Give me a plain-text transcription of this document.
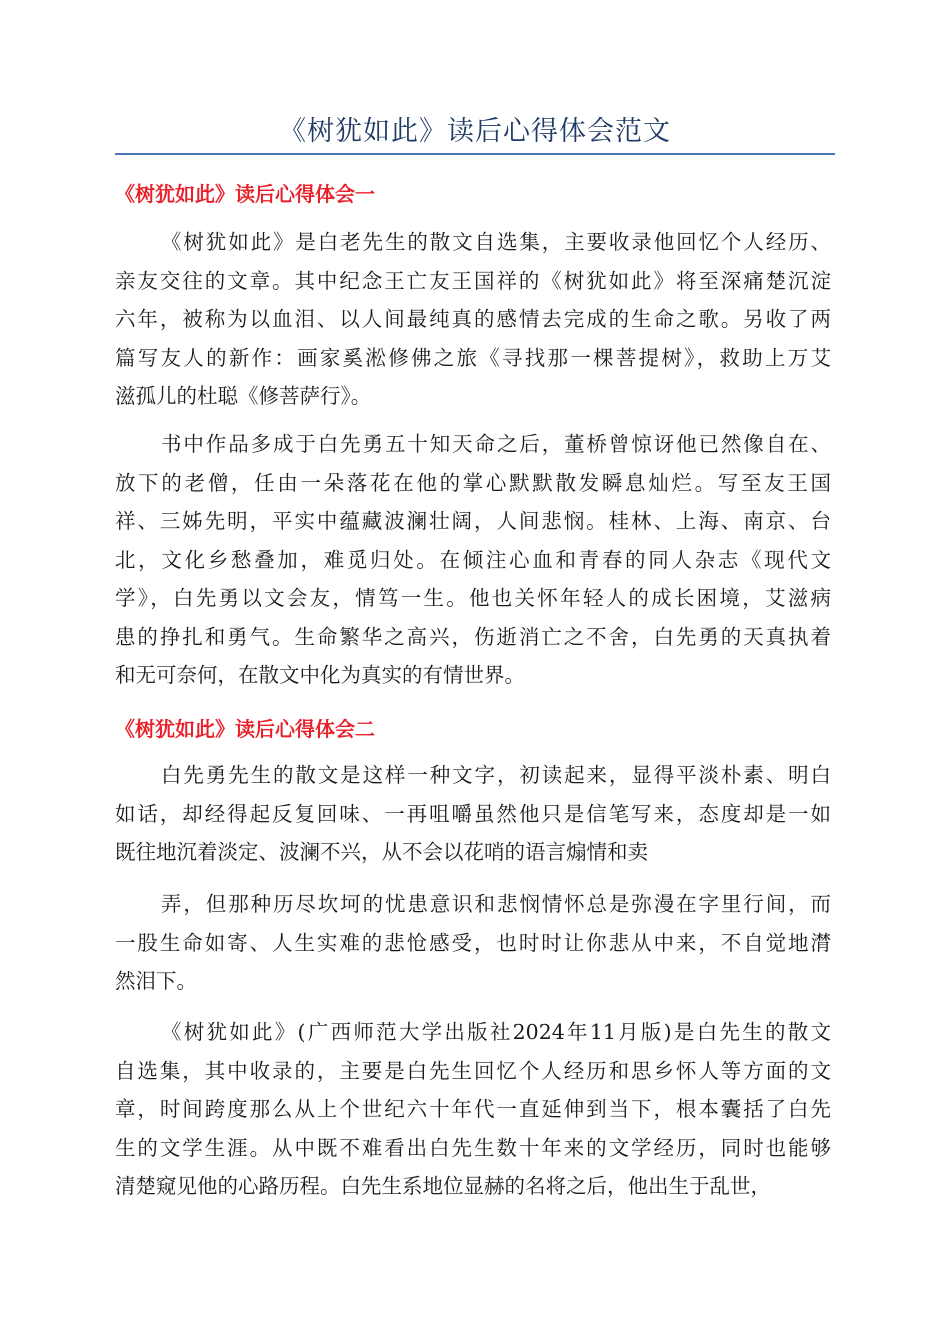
《树犹如此》读后心得体会范文
《树犹如此》读后心得体会一
《树犹如此》是白老先生的散文自选集，主要收录他回忆个人经历、
亲友交往的文章。其中纪念王亡友王国祥的《树犹如此》将至深痛楚沉淀
六年，被称为以血泪、以人间最纯真的感情去完成的生命之歌。另收了两
篇写友人的新作：画家奚淞修佛之旅《寻找那一棵菩提树》，救助上万艾
滋孤儿的杜聪《修菩萨行》。
书中作品多成于白先勇五十知天命之后，董桥曾惊讶他已然像自在、
放下的老僧，任由一朵落花在他的掌心默默散发瞬息灿烂。写至友王国
祥、三姊先明，平实中蕴藏波澜壮阔，人间悲悯。桂林、上海、南京、台
北，文化乡愁叠加，难觅归处。在倾注心血和青春的同人杂志《现代文
学》，白先勇以文会友，情笃一生。他也关怀年轻人的成长困境，艾滋病
患的挣扎和勇气。生命繁华之高兴，伤逝消亡之不舍，白先勇的天真执着
和无可奈何，在散文中化为真实的有情世界。
《树犹如此》读后心得体会二
白先勇先生的散文是这样一种文字，初读起来，显得平淡朴素、明白
如话，却经得起反复回味、一再咀嚼虽然他只是信笔写来，态度却是一如
既往地沉着淡定、波澜不兴，从不会以花哨的语言煽情和卖
弄，但那种历尽坎坷的忧患意识和悲悯情怀总是弥漫在字里行间，而
一股生命如寄、人生实难的悲怆感受，也时时让你悲从中来，不自觉地潸
然泪下。
《树犹如此》(广西师范大学出版社2024年11月版)是白先生的散文
自选集，其中收录的，主要是白先生回忆个人经历和思乡怀人等方面的文
章，时间跨度那么从上个世纪六十年代一直延伸到当下，根本囊括了白先
生的文学生涯。从中既不难看出白先生数十年来的文学经历，同时也能够
清楚窥见他的心路历程。白先生系地位显赫的名将之后，他出生于乱世，
